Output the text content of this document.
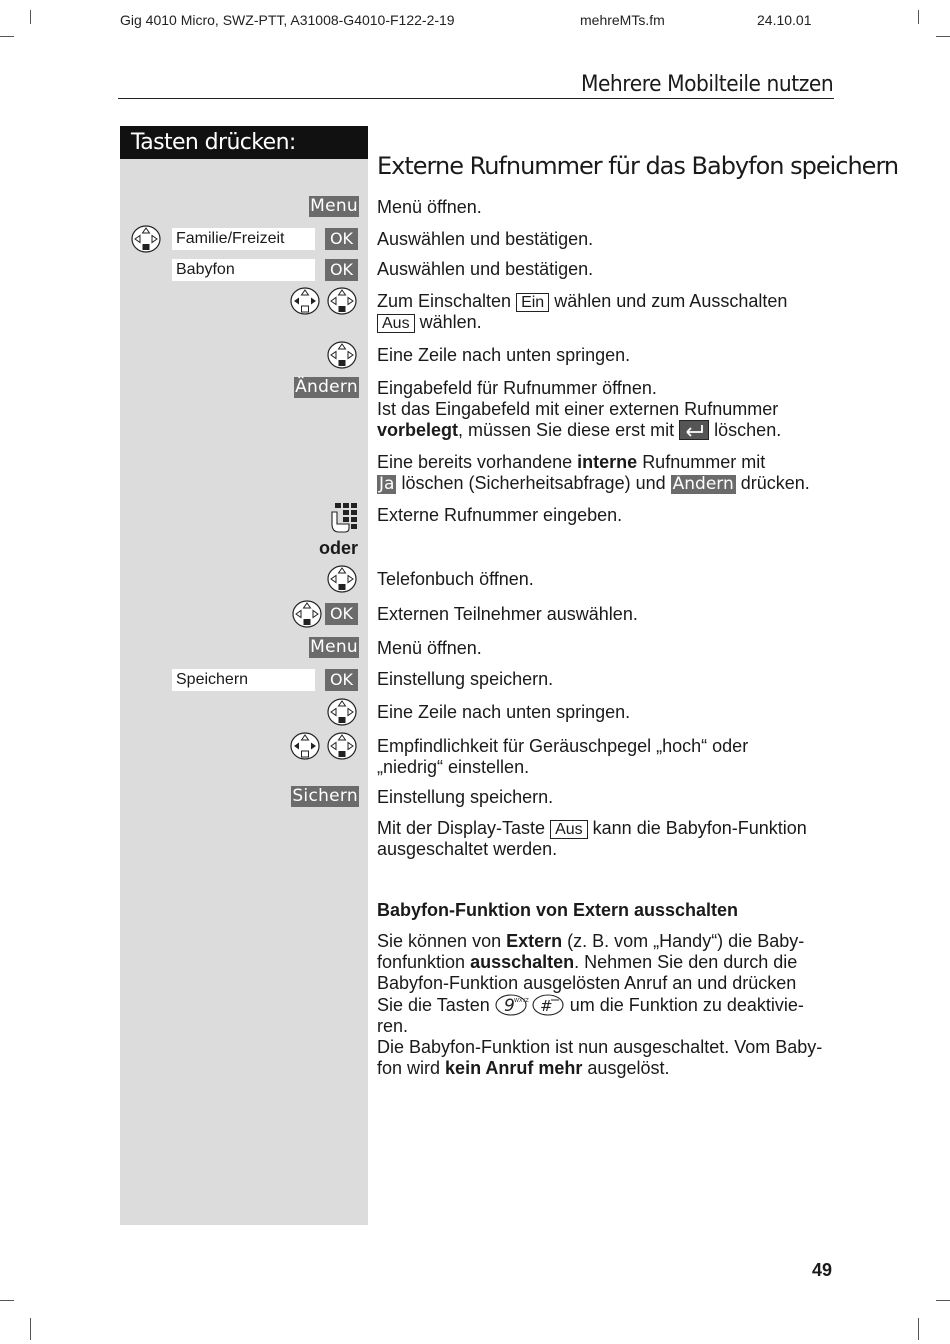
Gig 4010 Micro, SWZ-PTT, A31008-G4010-F122-2-19	mehreMTs.fm	24.10.01
Mehrere Mobilteile nutzen
Tasten drücken:
Externe Rufnummer für das Babyfon speichern
Menu Menü öffnen.
Familie/Freizeit	OK Auswählen und bestätigen.
Babyfon	OK Auswählen und bestätigen.
Zum Einschalten Ein wählen und zum Ausschalten
Aus wählen.
Eine Zeile nach unten springen.
Ändern Eingabefeld für Rufnummer öffnen.
Ist das Eingabefeld mit einer externen Rufnummer
vorbelegt, müssen Sie diese erst mit löschen.
Eine bereits vorhandene interne Rufnummer mit
Ja löschen (Sicherheitsabfrage) und Ändern drücken.
Externe Rufnummer eingeben.
oder
Telefonbuch öffnen.
OK Externen Teilnehmer auswählen.
Menu Menü öffnen.
Speichern	OK Einstellung speichern.
Eine Zeile nach unten springen.
Empfindlichkeit für Geräuschpegel „hoch“ oder
„niedrig“ einstellen.
Sichern Einstellung speichern.
Mit der Display-Taste Aus kann die Babyfon-Funktion
ausgeschaltet werden.
Babyfon-Funktion von Extern ausschalten
Sie können von Extern (z. B. vom „Handy“) die Baby-
fonfunktion ausschalten. Nehmen Sie den durch die
Babyfon-Funktion ausgelösten Anruf an und drücken
Sie die Tasten 9 WXYZ # um die Funktion zu deaktivie-
ren.
Die Babyfon-Funktion ist nun ausgeschaltet. Vom Baby-
fon wird kein Anruf mehr ausgelöst.
49
